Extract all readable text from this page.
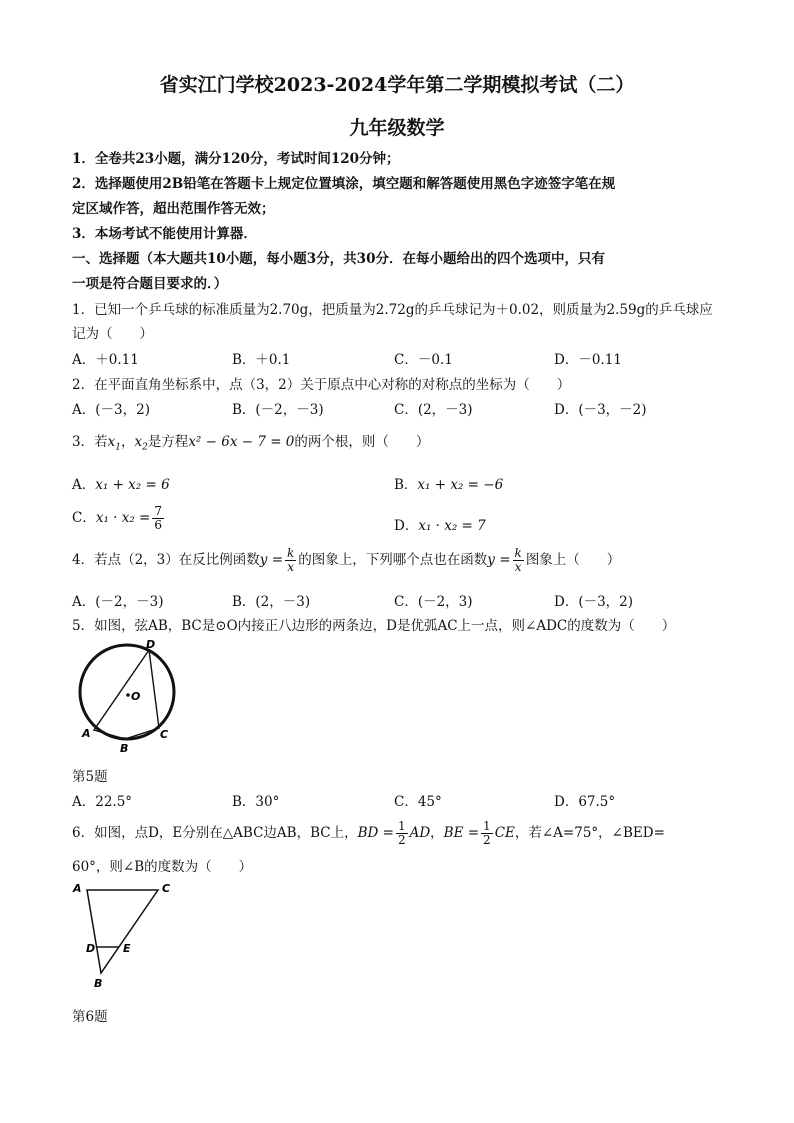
省实江门学校2023-2024学年第二学期模拟考试（二）
九年级数学
1．全卷共23小题，满分120分，考试时间120分钟；
2．选择题使用2B铅笔在答题卡上规定位置填涂，填空题和解答题使用黑色字迹签字笔在规
定区域作答，超出范围作答无效；
3．本场考试不能使用计算器．
一、选择题（本大题共10小题，每小题3分，共30分．在每小题给出的四个选项中，只有
一项是符合题目要求的．）
1．已知一个乒乓球的标准质量为2.70g，把质量为2.72g的乒乓球记为＋0.02，则质量为2.59g的乒乓球应
记为（　　）
A．＋0.11	B．＋0.1	C．－0.1	D．－0.11
2．在平面直角坐标系中，点（3，2）关于原点中心对称的对称点的坐标为（　　）
A．(－3，2)	B．(－2，－3)	C．(2，－3)	D．(－3，－2)
3．若$x_1$，$x_2$是方程x² − 6x − 7 = 0的两个根，则（　　）
A．x₁ + x₂ = 6	B．x₁ + x₂ = −6
C．$x_1 \cdot x_2 = \frac{7}{6}$	D．x₁ · x₂ = 7
4．若点（2，3）在反比例函数$y = \frac{k}{x}$ 的图象上，下列哪个点也在函数$y = \frac{k}{x}$ 图象上（　　）
A．(－2，－3)	B．(2，－3)	C．(－2，3)	D．(－3，2)
5．如图，弦AB，BC是⊙O内接正八边形的两条边，D是优弧AC上一点，则∠ADC的度数为（　　）
D
O
A
B
C
第5题
A．22.5°	B．30°	C．45°	D．67.5°
6．如图，点D，E分别在△ABC边AB，BC上，BD = $\frac{1}{2}$ AD，BE = $\frac{1}{2}$ CE，若∠A=75°，∠BED=
60°，则∠B的度数为（　　）
A	C
D	E
B
第6题
